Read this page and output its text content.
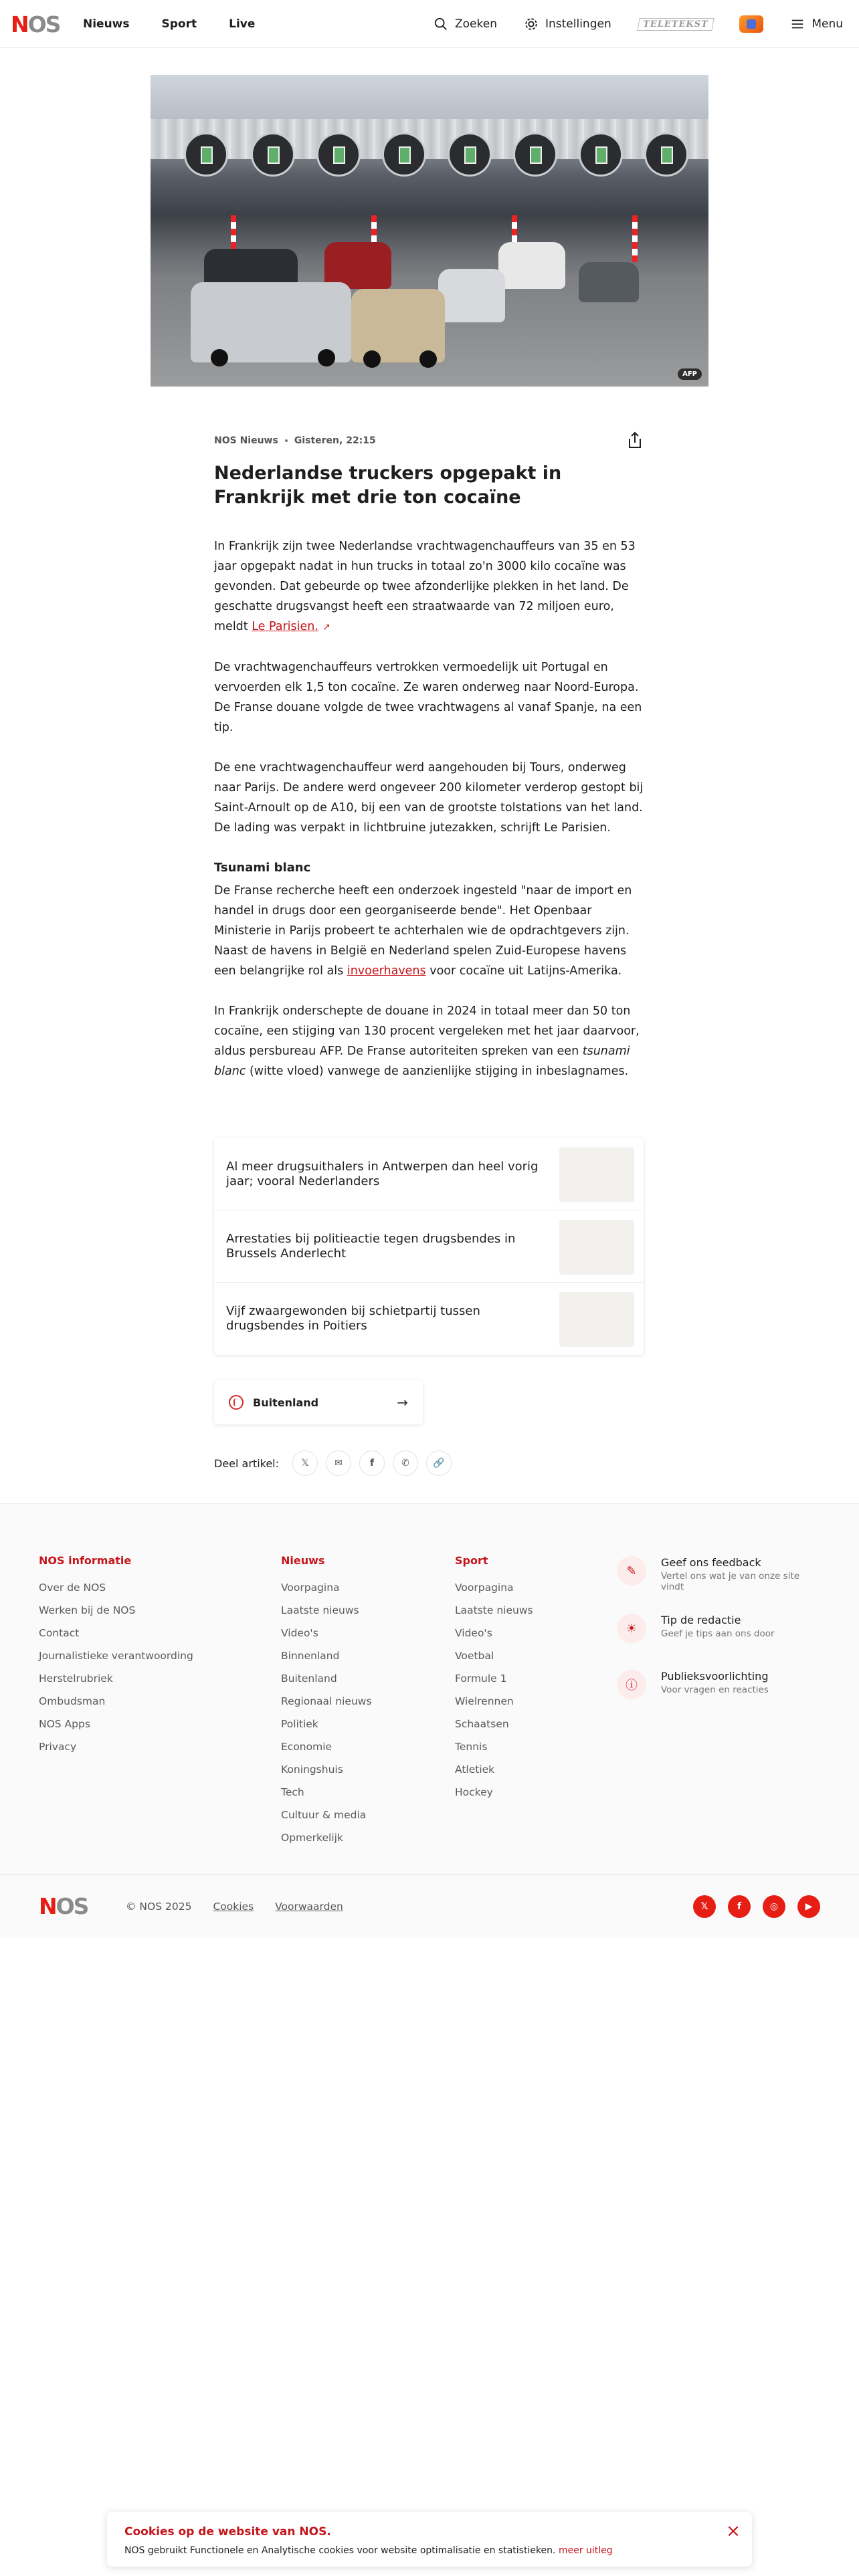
NOS Nieuws	Sport	Live	Zoeken	Instellingen	TELETEKST	Menu
AFP
NOS Nieuws Gisteren, 22:15
Nederlandse truckers opgepakt in Frankrijk met drie ton cocaïne

In Frankrijk zijn twee Nederlandse vrachtwagenchauffeurs van 35 en 53 jaar opgepakt nadat in hun trucks in totaal zo'n 3000 kilo cocaïne was gevonden. Dat gebeurde op twee afzonderlijke plekken in het land. De geschatte drugsvangst heeft een straatwaarde van 72 miljoen euro, meldt Le Parisien. ↗

De vrachtwagenchauffeurs vertrokken vermoedelijk uit Portugal en vervoerden elk 1,5 ton cocaïne. Ze waren onderweg naar Noord-Europa. De Franse douane volgde de twee vrachtwagens al vanaf Spanje, na een tip.

De ene vrachtwagenchauffeur werd aangehouden bij Tours, onderweg naar Parijs. De andere werd ongeveer 200 kilometer verderop gestopt bij Saint-Arnoult op de A10, bij een van de grootste tolstations van het land. De lading was verpakt in lichtbruine jutezakken, schrijft Le Parisien.

Tsunami blanc

De Franse recherche heeft een onderzoek ingesteld "naar de import en handel in drugs door een georganiseerde bende". Het Openbaar Ministerie in Parijs probeert te achterhalen wie de opdrachtgevers zijn. Naast de havens in België en Nederland spelen Zuid-Europese havens een belangrijke rol als invoerhavens voor cocaïne uit Latijns-Amerika.

In Frankrijk onderschepte de douane in 2024 in totaal meer dan 50 ton cocaïne, een stijging van 130 procent vergeleken met het jaar daarvoor, aldus persbureau AFP. De Franse autoriteiten spreken van een tsunami blanc (witte vloed) vanwege de aanzienlijke stijging in inbeslagnames.

Al meer drugsuithalers in Antwerpen dan heel vorig jaar; vooral Nederlanders
Arrestaties bij politieactie tegen drugsbendes in Brussels Anderlecht
Vijf zwaargewonden bij schietpartij tussen drugsbendes in Poitiers
Buitenland	→
Deel artikel: 𝕏	✉	f	✆	🔗
NOS informatie
Over de NOS
Werken bij de NOS
Contact
Journalistieke verantwoording
Herstelrubriek
Ombudsman
NOS Apps
Privacy
Nieuws
Voorpagina
Laatste nieuws
Video's
Binnenland
Buitenland
Regionaal nieuws
Politiek
Economie
Koningshuis
Tech
Cultuur & media
Opmerkelijk
Sport
Voorpagina
Laatste nieuws
Video's
Voetbal
Formule 1
Wielrennen
Schaatsen
Tennis
Atletiek
Hockey
✎
Geef ons feedback
Vertel ons wat je van onze site vindt
☀
Tip de redactie
Geef je tips aan ons door
ⓘ
Publieksvoorlichting
Voor vragen en reacties
NOS	© NOS 2025 Cookies Voorwaarden	𝕏	f	◎	▶
Cookies op de website van NOS.
NOS gebruikt Functionele en Analytische cookies voor website optimalisatie en statistieken. meer uitleg
×
